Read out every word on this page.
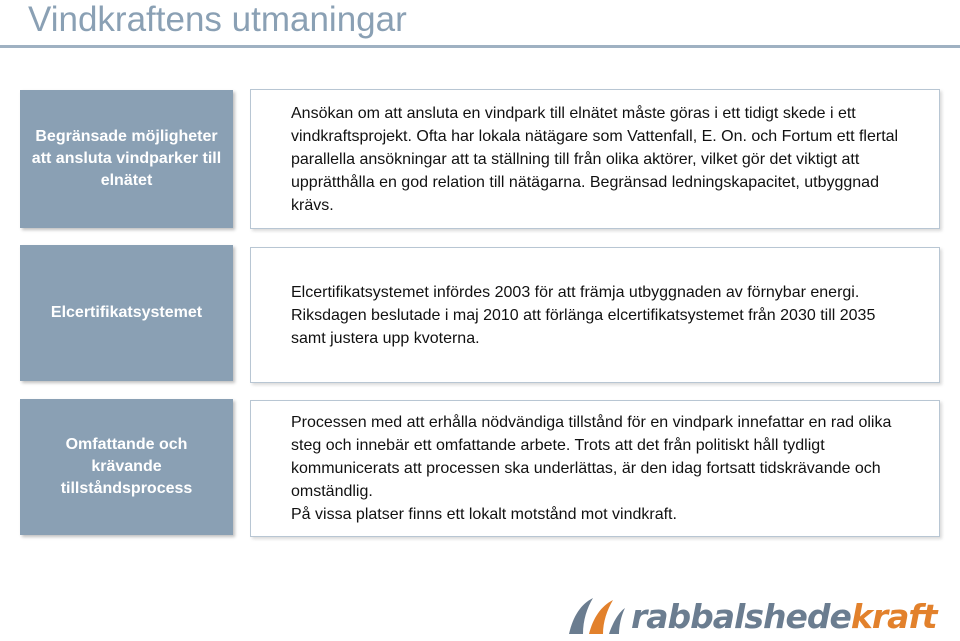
Vindkraftens utmaningar
Begränsade möjligheter att ansluta vindparker till elnätet

Ansökan om att ansluta en vindpark till elnätet måste göras i ett tidigt skede i ett vindkraftsprojekt. Ofta har lokala nätägare som Vattenfall, E. On. och Fortum ett flertal parallella ansökningar att ta ställning till från olika aktörer, vilket gör det viktigt att upprätthålla en god relation till nätägarna. Begränsad ledningskapacitet, utbyggnad krävs.

Elcertifikatsystemet

Elcertifikatsystemet infördes 2003 för att främja utbyggnaden av förnybar energi. Riksdagen beslutade i maj 2010 att förlänga elcertifikatsystemet från 2030 till 2035 samt justera upp kvoterna.

Omfattande och krävande tillståndsprocess

Processen med att erhålla nödvändiga tillstånd för en vindpark innefattar en rad olika steg och innebär ett omfattande arbete. Trots att det från politiskt håll tydligt kommunicerats att processen ska underlättas, är den idag fortsatt tidskrävande och omständlig.

På vissa platser finns ett lokalt motstånd mot vindkraft.

rabbalshedekraft
